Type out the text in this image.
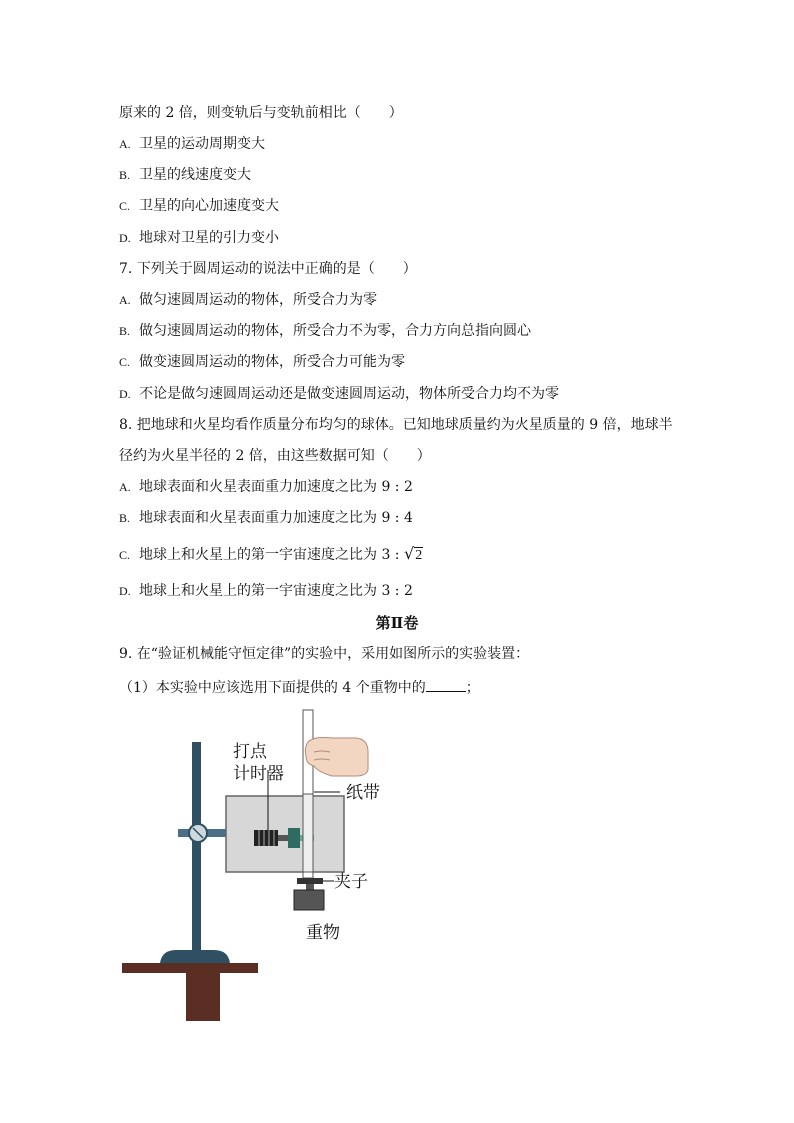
原来的 2 倍，则变轨后与变轨前相比（　　）
A. 卫星的运动周期变大
B. 卫星的线速度变大
C. 卫星的向心加速度变大
D. 地球对卫星的引力变小
7. 下列关于圆周运动的说法中正确的是（　　）
A. 做匀速圆周运动的物体，所受合力为零
B. 做匀速圆周运动的物体，所受合力不为零，合力方向总指向圆心
C. 做变速圆周运动的物体，所受合力可能为零
D. 不论是做匀速圆周运动还是做变速圆周运动，物体所受合力均不为零
8. 把地球和火星均看作质量分布均匀的球体。已知地球质量约为火星质量的 9 倍，地球半
径约为火星半径的 2 倍，由这些数据可知（　　）
A. 地球表面和火星表面重力加速度之比为 9 : 2
B. 地球表面和火星表面重力加速度之比为 9 : 4
C. 地球上和火星上的第一宇宙速度之比为 3 : √2
D. 地球上和火星上的第一宇宙速度之比为 3 : 2
第Ⅱ卷
9. 在“验证机械能守恒定律”的实验中，采用如图所示的实验装置：
（1）本实验中应该选用下面提供的 4 个重物中的	；
打点
计时器
纸带
夹子
重物
